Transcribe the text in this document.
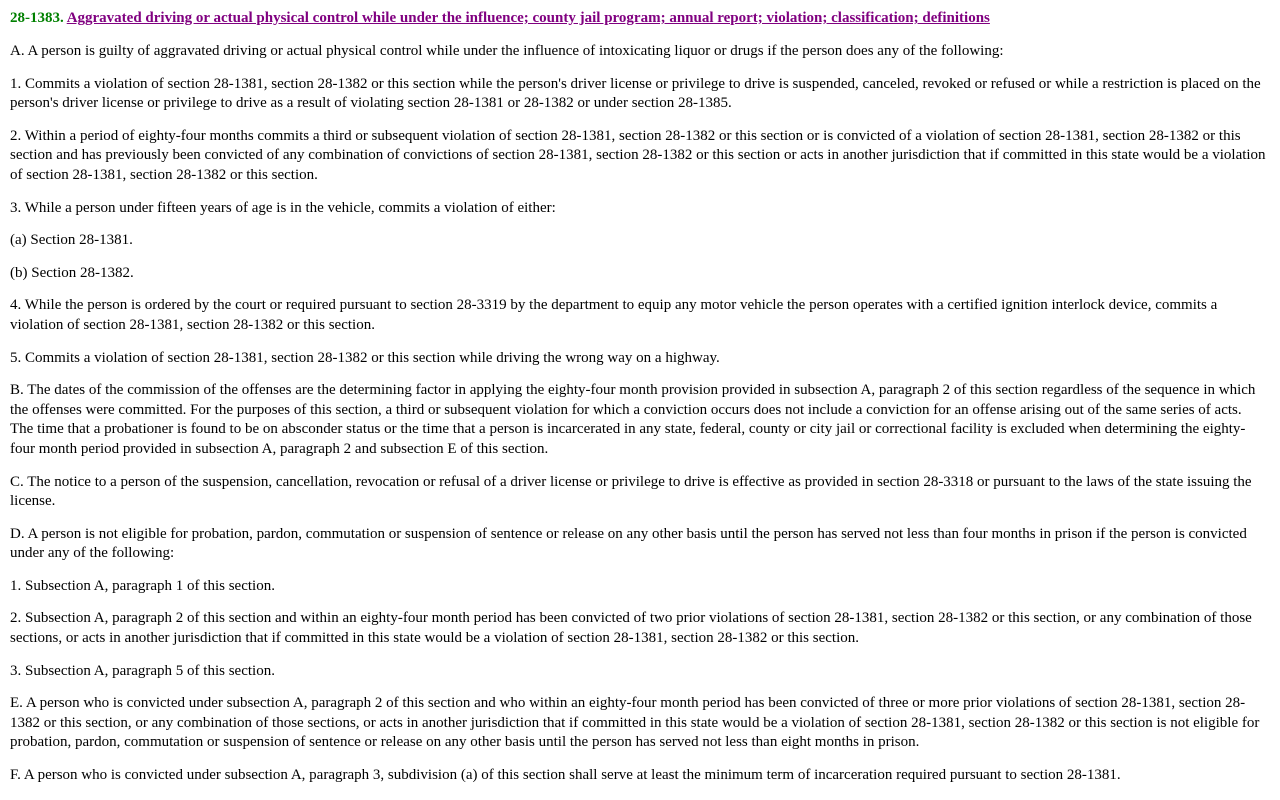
28-1383. Aggravated driving or actual physical control while under the influence; county jail program; annual report; violation; classification; definitions

A. A person is guilty of aggravated driving or actual physical control while under the influence of intoxicating liquor or drugs if the person does any of the following:

1. Commits a violation of section 28-1381, section 28-1382 or this section while the person's driver license or privilege to drive is suspended, canceled, revoked or refused or while a restriction is placed on the person's driver license or privilege to drive as a result of violating section 28-1381 or 28-1382 or under section 28-1385.

2. Within a period of eighty-four months commits a third or subsequent violation of section 28-1381, section 28-1382 or this section or is convicted of a violation of section 28-1381, section 28-1382 or this section and has previously been convicted of any combination of convictions of section 28-1381, section 28-1382 or this section or acts in another jurisdiction that if committed in this state would be a violation of section 28-1381, section 28-1382 or this section.

3. While a person under fifteen years of age is in the vehicle, commits a violation of either:

(a) Section 28-1381.

(b) Section 28-1382.

4. While the person is ordered by the court or required pursuant to section 28-3319 by the department to equip any motor vehicle the person operates with a certified ignition interlock device, commits a violation of section 28-1381, section 28-1382 or this section.

5. Commits a violation of section 28-1381, section 28-1382 or this section while driving the wrong way on a highway.

B. The dates of the commission of the offenses are the determining factor in applying the eighty-four month provision provided in subsection A, paragraph 2 of this section regardless of the sequence in which the offenses were committed. For the purposes of this section, a third or subsequent violation for which a conviction occurs does not include a conviction for an offense arising out of the same series of acts.  The time that a probationer is found to be on absconder status or the time that a person is incarcerated in any state, federal, county or city jail or correctional facility is excluded when determining the eighty-four month period provided in subsection A, paragraph 2 and subsection E of this section.

C. The notice to a person of the suspension, cancellation, revocation or refusal of a driver license or privilege to drive is effective as provided in section 28-3318 or pursuant to the laws of the state issuing the license.

D. A person is not eligible for probation, pardon, commutation or suspension of sentence or release on any other basis until the person has served not less than four months in prison if the person is convicted under any of the following:

1. Subsection A, paragraph 1 of this section.

2. Subsection A, paragraph 2 of this section and within an eighty-four month period has been convicted of two prior violations of section 28-1381, section 28-1382 or this section, or any combination of those sections, or acts in another jurisdiction that if committed in this state would be a violation of section 28-1381, section 28-1382 or this section.

3. Subsection A, paragraph 5 of this section.

E. A person who is convicted under subsection A, paragraph 2 of this section and who within an eighty-four month period has been convicted of three or more prior violations of section 28-1381, section 28-1382 or this section, or any combination of those sections, or acts in another jurisdiction that if committed in this state would be a violation of section 28-1381, section 28-1382 or this section is not eligible for probation, pardon, commutation or suspension of sentence or release on any other basis until the person has served not less than eight months in prison.

F. A person who is convicted under subsection A, paragraph 3, subdivision (a) of this section shall serve at least the minimum term of incarceration required pursuant to section 28-1381.
